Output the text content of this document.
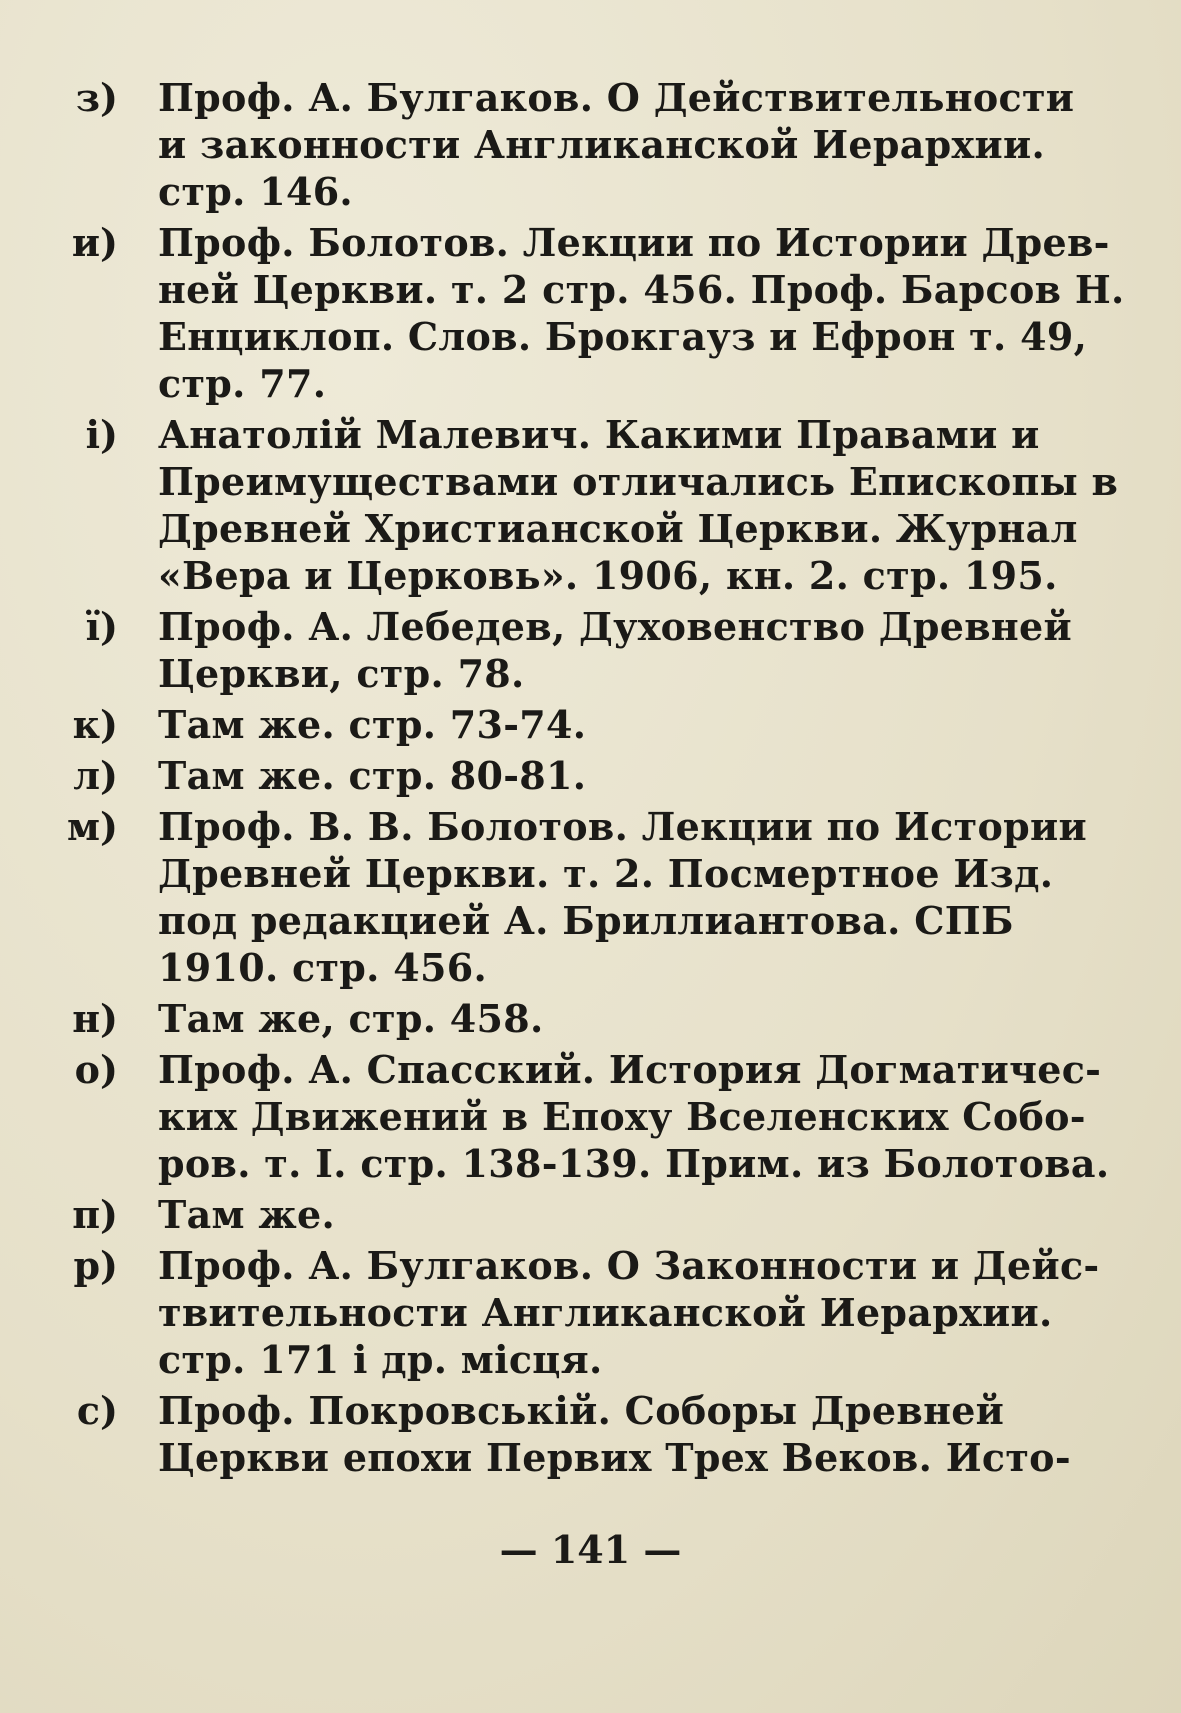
з) Проф. А. Булгаков. О Действительности
и законности Англиканской Иерархии.
стр. 146.
и) Проф. Болотов. Лекции по Истории Древ-
ней Церкви. т. 2 стр. 456. Проф. Барсов Н.
Енциклоп. Слов. Брокгауз и Ефрон т. 49,
стр. 77.
і) Анатолій Малевич. Какими Правами и
Преимуществами отличались Епископы в
Древней Христианской Церкви. Журнал
«Вера и Церковь». 1906, кн. 2. стр. 195.
ї) Проф. А. Лебедев, Духовенство Древней
Церкви, стр. 78.
к) Там же. стр. 73-74.
л) Там же. стр. 80-81.
м) Проф. В. В. Болотов. Лекции по Истории
Древней Церкви. т. 2. Посмертное Изд.
под редакцией А. Бриллиантова. СПБ
1910. стр. 456.
н) Там же, стр. 458.
о) Проф. А. Спасский. История Догматичес-
ких Движений в Епоху Вселенских Собо-
ров. т. I. стр. 138-139. Прим. из Болотова.
п) Там же.
р) Проф. А. Булгаков. О Законности и Дейс-
твительности Англиканской Иерархии.
стр. 171 і др. місця.
с) Проф. Покровській. Соборы Древней
Церкви епохи Первих Трех Веков. Исто-
— 141 —
